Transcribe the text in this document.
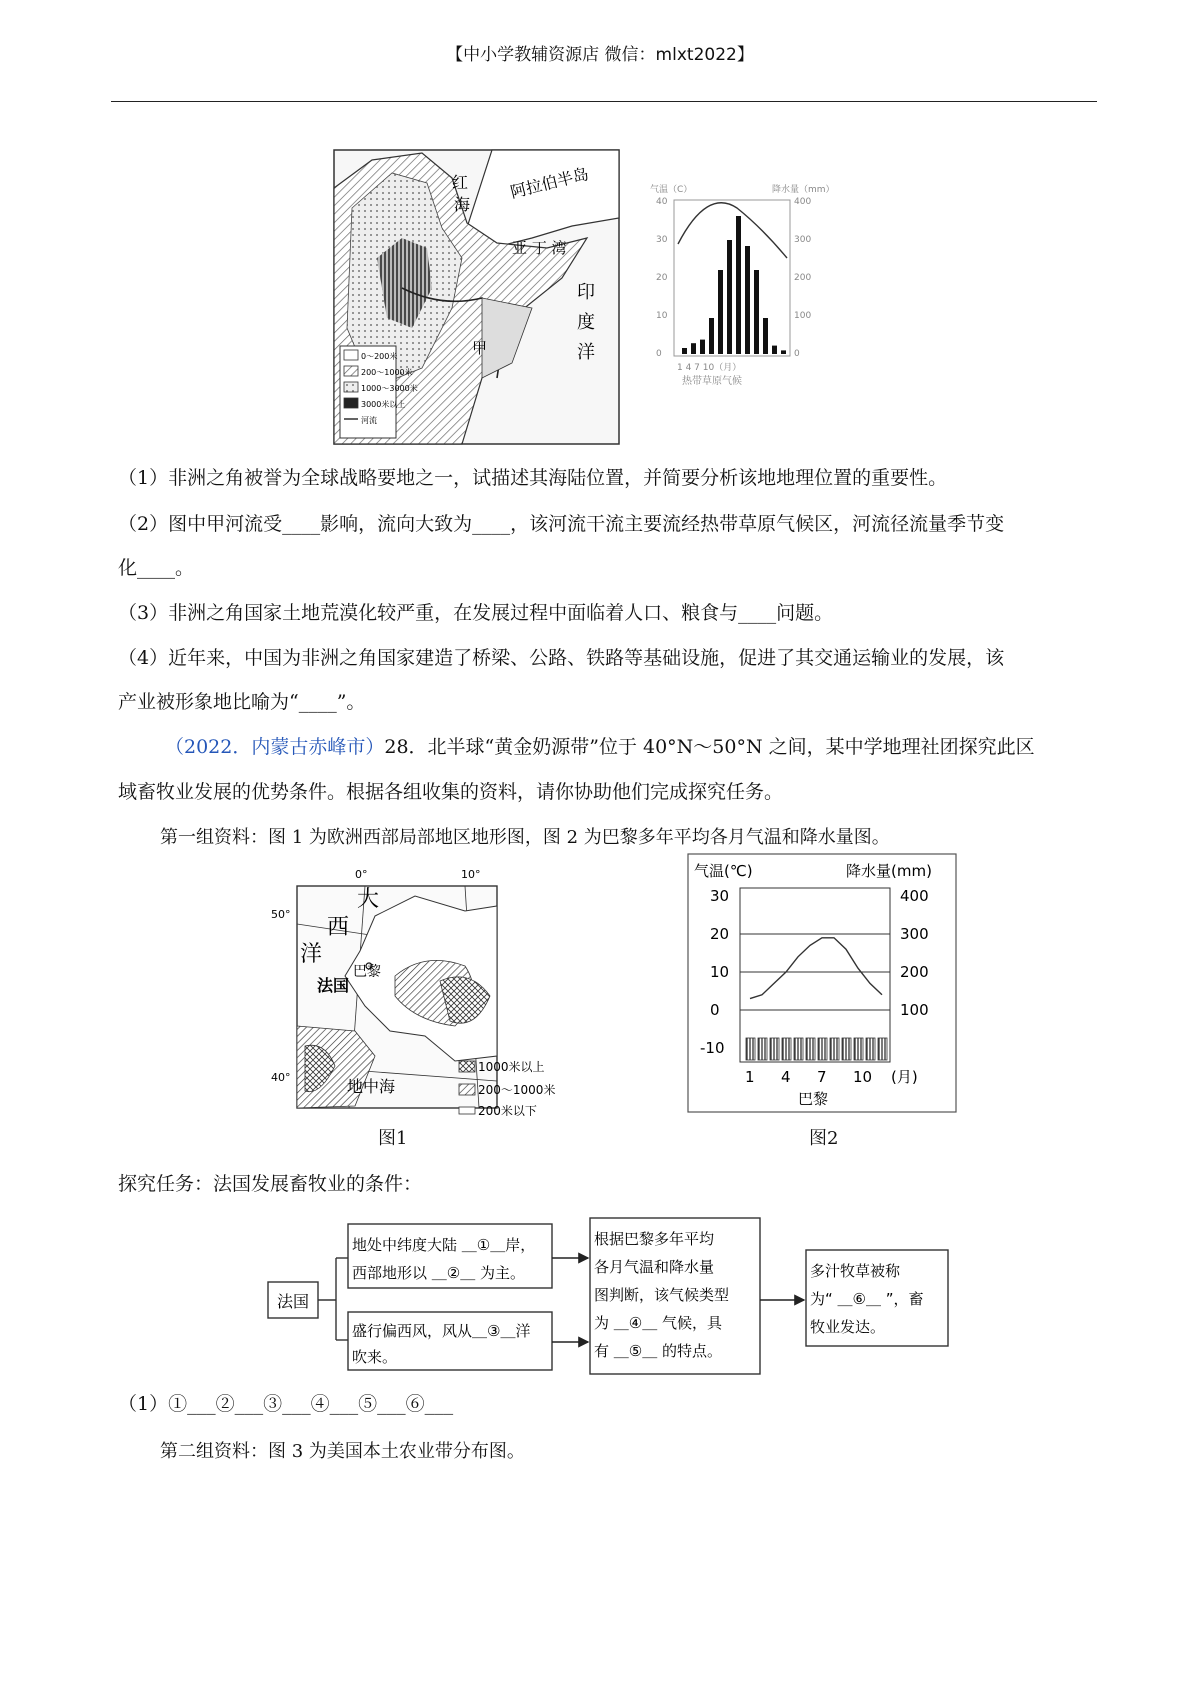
【中小学教辅资源店 微信：mlxt2022】
0～200米
200～1000米
1000～3000米
3000米以上
河流
红
海
阿拉伯半岛
亚 丁 湾
印
度
洋
甲
气温（C）	降水量（mm）
40
30
20
10
0
400
300
200
100
0
1 4 7 10（月）
热带草原气候
（1）非洲之角被誉为全球战略要地之一，试描述其海陆位置，并简要分析该地地理位置的重要性。
（2）图中甲河流受____影响，流向大致为____，该河流干流主要流经热带草原气候区，河流径流量季节变
化____。
（3）非洲之角国家土地荒漠化较严重，在发展过程中面临着人口、粮食与____问题。
（4）近年来，中国为非洲之角国家建造了桥梁、公路、铁路等基础设施，促进了其交通运输业的发展，该
产业被形象地比喻为“____”。
（2022．内蒙古赤峰市）28．北半球“黄金奶源带”位于 40°N～50°N 之间，某中学地理社团探究此区
域畜牧业发展的优势条件。根据各组收集的资料，请你协助他们完成探究任务。
第一组资料：图 1 为欧洲西部局部地区地形图，图 2 为巴黎多年平均各月气温和降水量图。
0°	10°
50°
40°
大
西
洋
巴黎
法国
地中海
1000米以上
200～1000米
200米以下
图1
气温(℃)	降水量(mm)
30
20
10
0
-10
400
300
200
100
1 4 7 10 (月)
巴黎
图2
探究任务：法国发展畜牧业的条件：
法国
地处中纬度大陆 ＿①＿岸，
西部地形以 ＿②＿ 为主。
盛行偏西风，风从＿③＿洋
吹来。
根据巴黎多年平均
各月气温和降水量
图判断，该气候类型
为 ＿④＿ 气候，具
有 ＿⑤＿ 的特点。
多汁牧草被称
为“ ＿⑥＿ ”，畜
牧业发达。
（1）①___②___③___④___⑤___⑥___
第二组资料：图 3 为美国本土农业带分布图。
